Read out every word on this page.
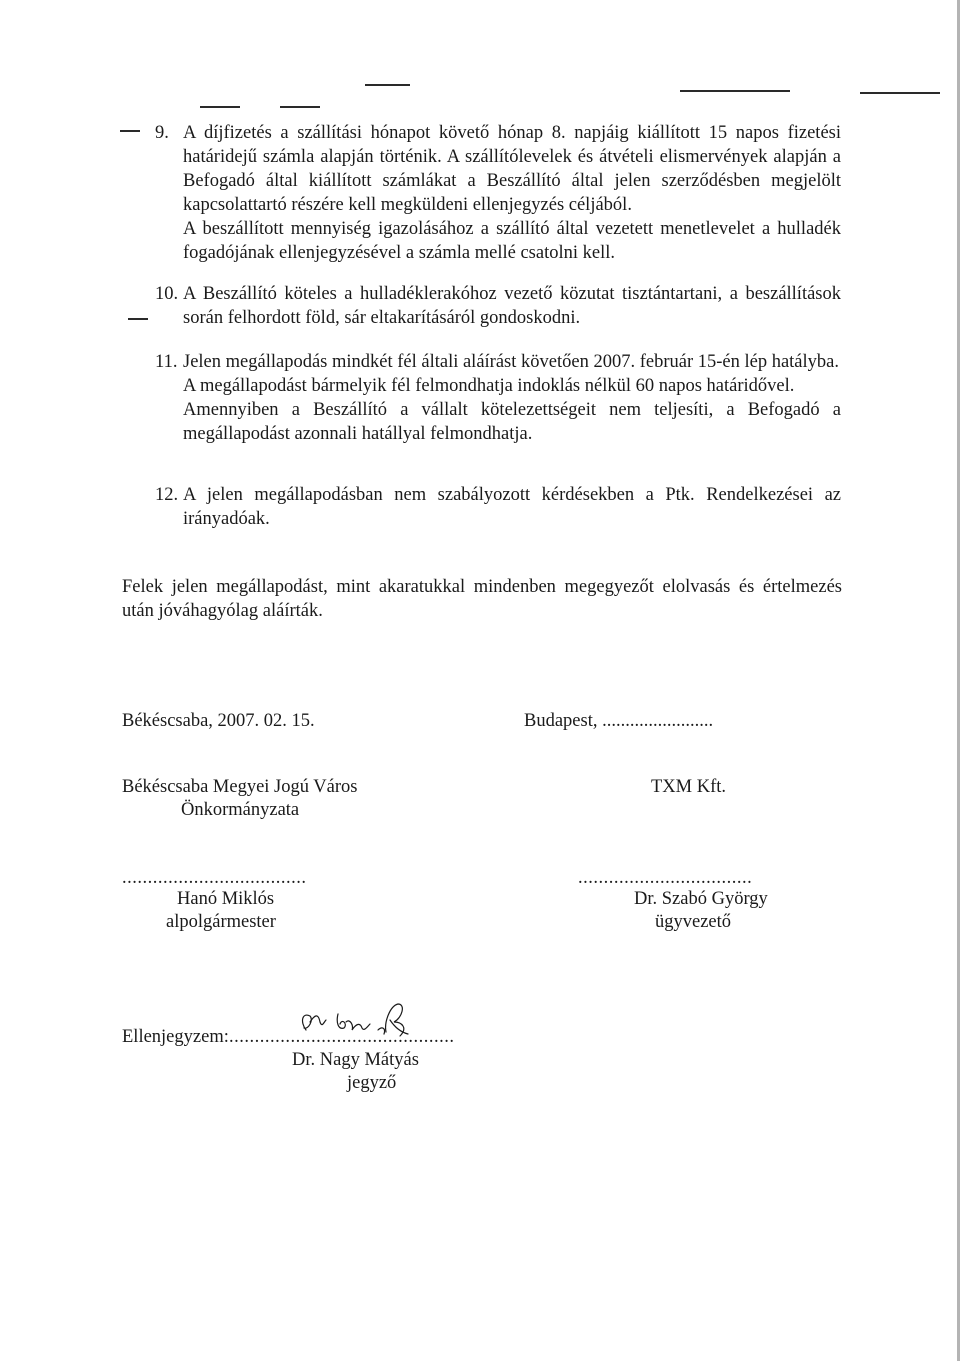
9. A díjfizetés a szállítási hónapot követő hónap 8. napjáig kiállított 15 napos fizetési határidejű számla alapján történik. A szállítólevelek és átvételi elismervények alapján a Befogadó által kiállított számlákat a Beszállító által jelen szerződésben megjelölt kapcsolattartó részére kell megküldeni ellenjegyzés céljából.

A beszállított mennyiség igazolásához a szállító által vezetett menetlevelet a hulladék fogadójának ellenjegyzésével a számla mellé csatolni kell.

10. A Beszállító köteles a hulladéklerakóhoz vezető közutat tisztántartani, a beszállítások során felhordott föld, sár eltakarításáról gondoskodni.

11. Jelen megállapodás mindkét fél általi aláírást követően 2007. február 15-én lép hatályba.

A megállapodást bármelyik fél felmondhatja indoklás nélkül 60 napos határidővel.

Amennyiben a Beszállító a vállalt kötelezettségeit nem teljesíti, a Befogadó a megállapodást azonnali hatállyal felmondhatja.

12. A jelen megállapodásban nem szabályozott kérdésekben a Ptk. Rendelkezései az irányadóak.

Felek jelen megállapodást, mint akaratukkal mindenben megegyezőt elolvasás és értelmezés után jóváhagyólag aláírták.
Békéscsaba, 2007. 02. 15.	Budapest, ........................
Békéscsaba Megyei Jogú Város
Önkormányzata
TXM Kft.
....................................	..................................
Hanó Miklós
alpolgármester
Dr. Szabó György
ügyvezető
Ellenjegyzem: ............................................
Dr. Nagy Mátyás
jegyző
